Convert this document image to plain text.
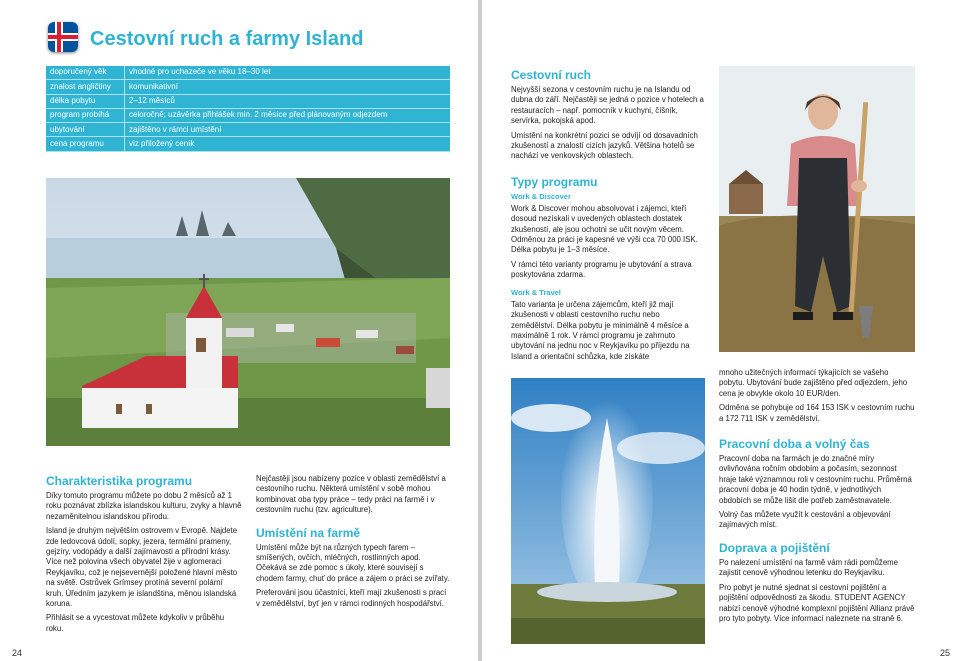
Cestovní ruch a farmy Island
doporučený věk	vhodné pro uchazeče ve věku 18–30 let
znalost angličtiny	komunikativní
délka pobytu	2–12 měsíců
program probíhá	celoročně; uzávěrka přihlášek min. 2 měsíce před plánovaným odjezdem
ubytování	zajištěno v rámci umístění
cena programu	viz přiložený ceník
Charakteristika programu

Díky tomuto programu můžete po dobu 2 měsíců až 1 roku poznávat zblízka islandskou kulturu, zvyky a hlavně nezaměnitelnou islandskou přírodu.

Island je druhým největším ostrovem v Evropě. Najdete zde ledovcová údolí, sopky, jezera, termální prameny, gejzíry, vodopády a další zajímavosti a přírodní krásy. Více než polovina všech obyvatel žije v aglomeraci Reykjavíku, což je nejsevernější položené hlavní město na světě. Ostrůvek Grímsey protíná severní polární kruh. Úředním jazykem je islandština, měnou islandská koruna.

Přihlásit se a vycestovat můžete kdykoliv v průběhu roku.

Nejčastěji jsou nabízeny pozice v oblasti zemědělství a cestovního ruchu. Některá umístění v sobě mohou kombinovat oba typy práce – tedy práci na farmě i v cestovním ruchu (tzv. agriculture).

Umístění na farmě

Umístění může být na různých typech farem – smíšených, ovčích, mléčných, rostlinných apod. Očekává se zde pomoc s úkoly, které souvisejí s chodem farmy, chuť do práce a zájem o práci se zvířaty.

Preferováni jsou účastníci, kteří mají zkušenosti s prací v zemědělství, byť jen v rámci rodinných hospodářství.

24
Cestovní ruch

Nejvyšší sezona v cestovním ruchu je na Islandu od dubna do září. Nejčastěji se jedná o pozice v hotelech a restauracích – např. pomocník v kuchyni, číšník, servírka, pokojská apod.

Umístění na konkrétní pozici se odvíjí od dosavadních zkušeností a znalostí cizích jazyků. Většina hotelů se nachází ve venkovských oblastech.

Typy programu
Work & Discover

Work & Discover mohou absolvovat i zájemci, kteří dosoud nezískali v uvedených oblastech dostatek zkušeností, ale jsou ochotni se učit novým věcem. Odměnou za práci je kapesné ve výši cca 70 000 ISK. Délka pobytu je 1–3 měsíce.

V rámci této varianty programu je ubytování a strava poskytována zdarma.

Work & Travel

Tato varianta je určena zájemcům, kteří již mají zkušenosti v oblasti cestovního ruchu nebo zemědělství. Délka pobytu je minimálně 4 měsíce a maximálně 1 rok. V rámci programu je zahrnuto ubytování na jednu noc v Reykjavíku po příjezdu na Island a orientační schůzka, kde získáte

mnoho užitečných informací týkajících se vašeho pobytu. Ubytování bude zajištěno před odjezdem, jeho cena je obvykle okolo 10 EUR/den.

Odměna se pohybuje od 164 153 ISK v cestovním ruchu a 172 711 ISK v zemědělství.

Pracovní doba a volný čas

Pracovní doba na farmách je do značné míry ovlivňována ročním obdobím a počasím, sezonnost hraje také významnou roli v cestovním ruchu. Průměrná pracovní doba je 40 hodin týdně, v jednotlivých obdobích se může lišit dle potřeb zaměstnavatele.

Volný čas můžete využít k cestování a objevování zajímavých míst.

Doprava a pojištění

Po nalezení umístění na farmě vám rádi pomůžeme zajistit cenově výhodnou letenku do Reykjavíku.

Pro pobyt je nutné sjednat si cestovní pojištění a pojištění odpovědnosti za škodu. STUDENT AGENCY nabízí cenově výhodné komplexní pojištění Allianz právě pro tyto pobyty. Více informací naleznete na straně 6.

25
